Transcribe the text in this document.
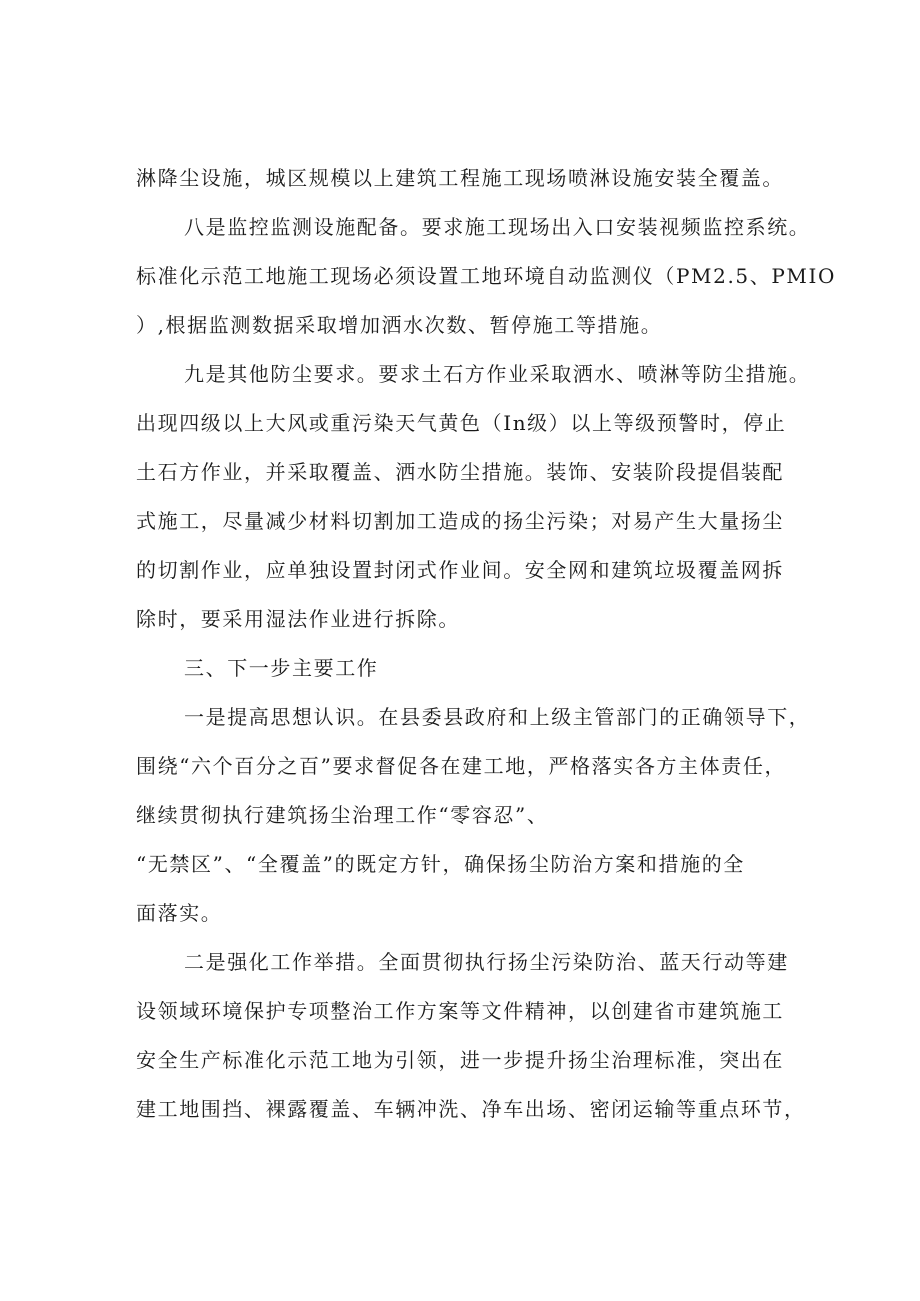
淋降尘设施，城区规模以上建筑工程施工现场喷淋设施安装全覆盖。
八是监控监测设施配备。要求施工现场出入口安装视频监控系统。
标准化示范工地施工现场必须设置工地环境自动监测仪（PM2.5、PMIO
）,根据监测数据采取增加洒水次数、暂停施工等措施。
九是其他防尘要求。要求土石方作业采取洒水、喷淋等防尘措施。
出现四级以上大风或重污染天气黄色（In级）以上等级预警时，停止
土石方作业，并采取覆盖、洒水防尘措施。装饰、安装阶段提倡装配
式施工，尽量减少材料切割加工造成的扬尘污染；对易产生大量扬尘
的切割作业，应单独设置封闭式作业间。安全网和建筑垃圾覆盖网拆
除时，要采用湿法作业进行拆除。
三、下一步主要工作
一是提高思想认识。在县委县政府和上级主管部门的正确领导下，
围绕“六个百分之百”要求督促各在建工地，严格落实各方主体责任，
继续贯彻执行建筑扬尘治理工作“零容忍”、
“无禁区”、“全覆盖”的既定方针，确保扬尘防治方案和措施的全
面落实。
二是强化工作举措。全面贯彻执行扬尘污染防治、蓝天行动等建
设领域环境保护专项整治工作方案等文件精神，以创建省市建筑施工
安全生产标准化示范工地为引领，进一步提升扬尘治理标准，突出在
建工地围挡、裸露覆盖、车辆冲洗、净车出场、密闭运输等重点环节，
